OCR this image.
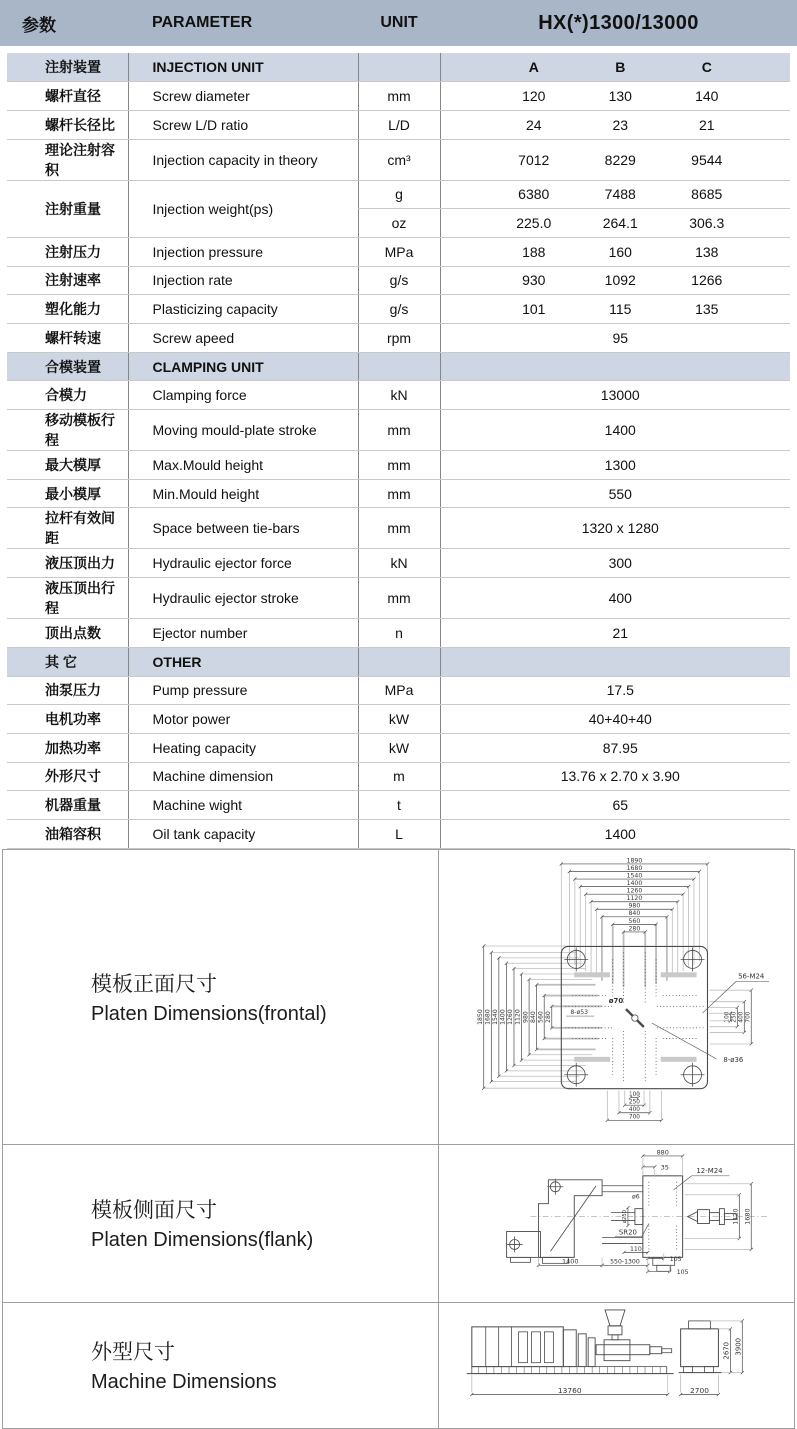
参数	PARAMETER	UNIT	HX(*)1300/13000
注射装置	INJECTION UNIT		A B C

螺杆直径	Screw diameter	mm	120 130 140

螺杆长径比	Screw L/D ratio	L/D	24 23 21

理论注射容积	Injection capacity in theory	cm³	7012 8229 9544

注射重量	Injection weight(ps)	g	6380 7488 8685

		oz	225.0 264.1 306.3

注射压力	Injection pressure	MPa	188 160 138

注射速率	Injection rate	g/s	930 1092 1266

塑化能力	Plasticizing capacity	g/s	101 115 135

螺杆转速	Screw apeed	rpm	95

合模装置	CLAMPING UNIT		
合模力	Clamping force	kN	13000

移动模板行程	Moving mould-plate stroke	mm	1400

最大模厚	Max.Mould height	mm	1300

最小模厚	Min.Mould height	mm	550

拉杆有效间距	Space between tie-bars	mm	1320 x 1280

液压顶出力	Hydraulic ejector force	kN	300

液压顶出行程	Hydraulic ejector stroke	mm	400

顶出点数	Ejector number	n	21

其 它	OTHER		
油泵压力	Pump pressure	MPa	17.5

电机功率	Motor power	kW	40+40+40

加热功率	Heating capacity	kW	87.95

外形尺寸	Machine dimension	m	13.76 x 2.70 x 3.90

机器重量	Machine wight	t	65

油箱容积	Oil tank capacity	L	1400
模板正面尺寸
Platen Dimensions(frontal)
1890
1680
1540
1400
1260
1120
980
840
560
280
1850 1680 1540 1400 1260 1120 980 840 560 280	100 250 400 700
100
250
400
700
ø70
8-ø53
56-M24
8-ø36
模板侧面尺寸
Platen Dimensions(flank)
880
35	12-M24
ø6
ø250
SR20
1120 1680
1400	550-1300
110
105
105
外型尺寸
Machine Dimensions	13760	2700
2670 3900
